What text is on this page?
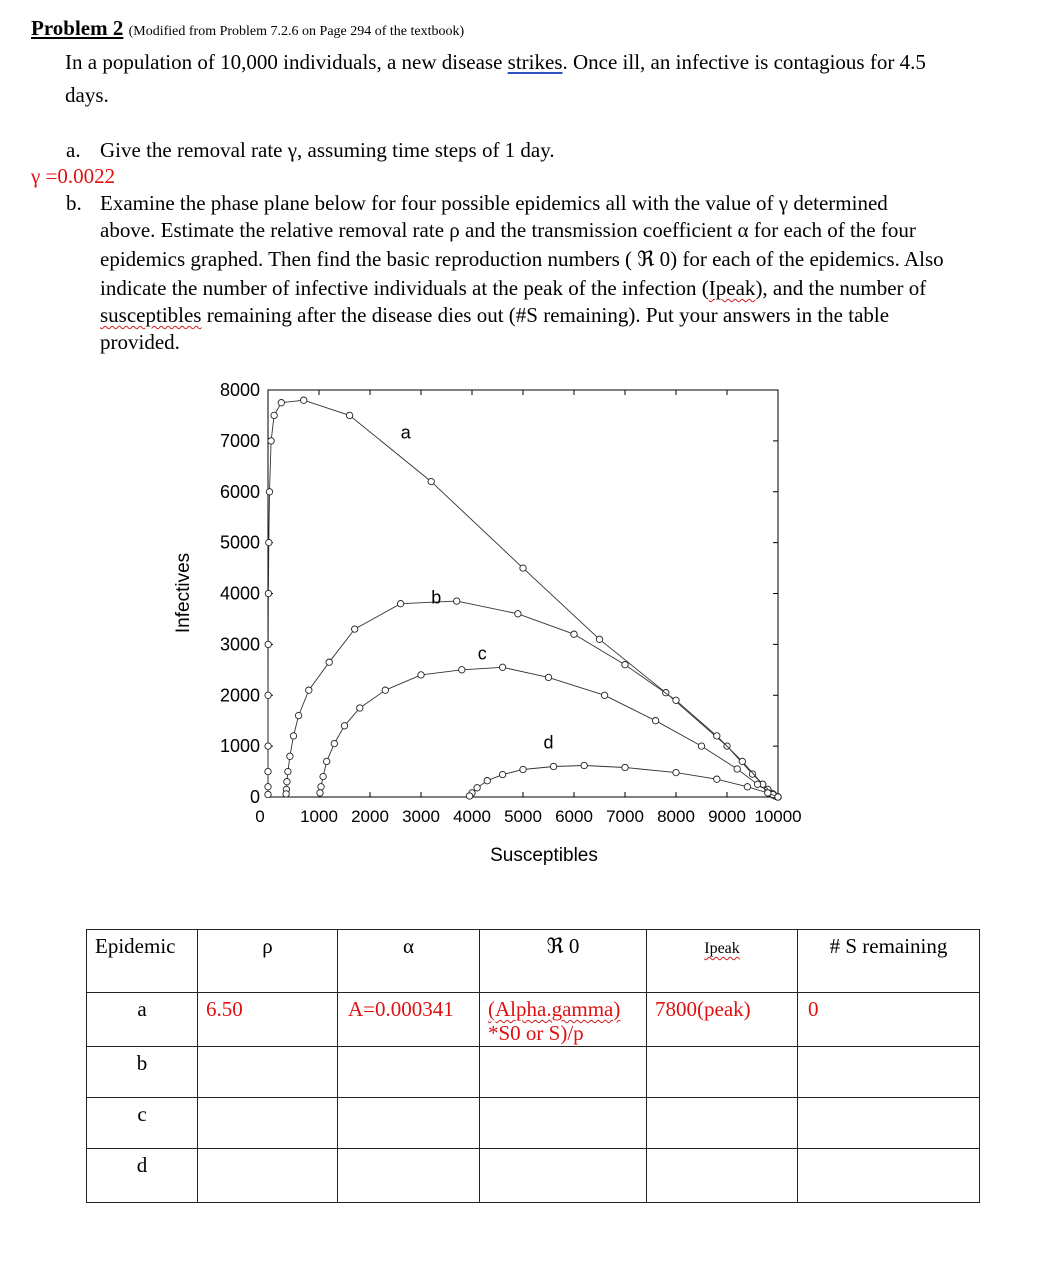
Problem 2 (Modified from Problem 7.2.6 on Page 294 of the textbook)
In a population of 10,000 individuals, a new disease strikes. Once ill, an infective is contagious for 4.5
days.
a. Give the removal rate γ, assuming time steps of 1 day.
γ =0.0022
b. Examine the phase plane below for four possible epidemics all with the value of γ determined
above. Estimate the relative removal rate ρ and the transmission coefficient α for each of the four
epidemics graphed. Then find the basic reproduction numbers ( ℜ 0) for each of the epidemics. Also
indicate the number of infective individuals at the peak of the infection (Ipeak), and the number of
susceptibles remaining after the disease dies out (#S remaining). Put your answers in the table
provided.
0
1000
2000
3000
4000
5000
6000
7000
8000
0 1000 2000 3000 4000 5000 6000 7000 8000 9000 10000
a
b
c
d
Infectives
Susceptibles
Epidemic	ρ	α	ℜ 0	Ipeak	# S remaining
a	6.50	A=0.000341	(Alpha.gamma)
*S0 or S)/p	7800(peak)	0
b					
c					
d					
